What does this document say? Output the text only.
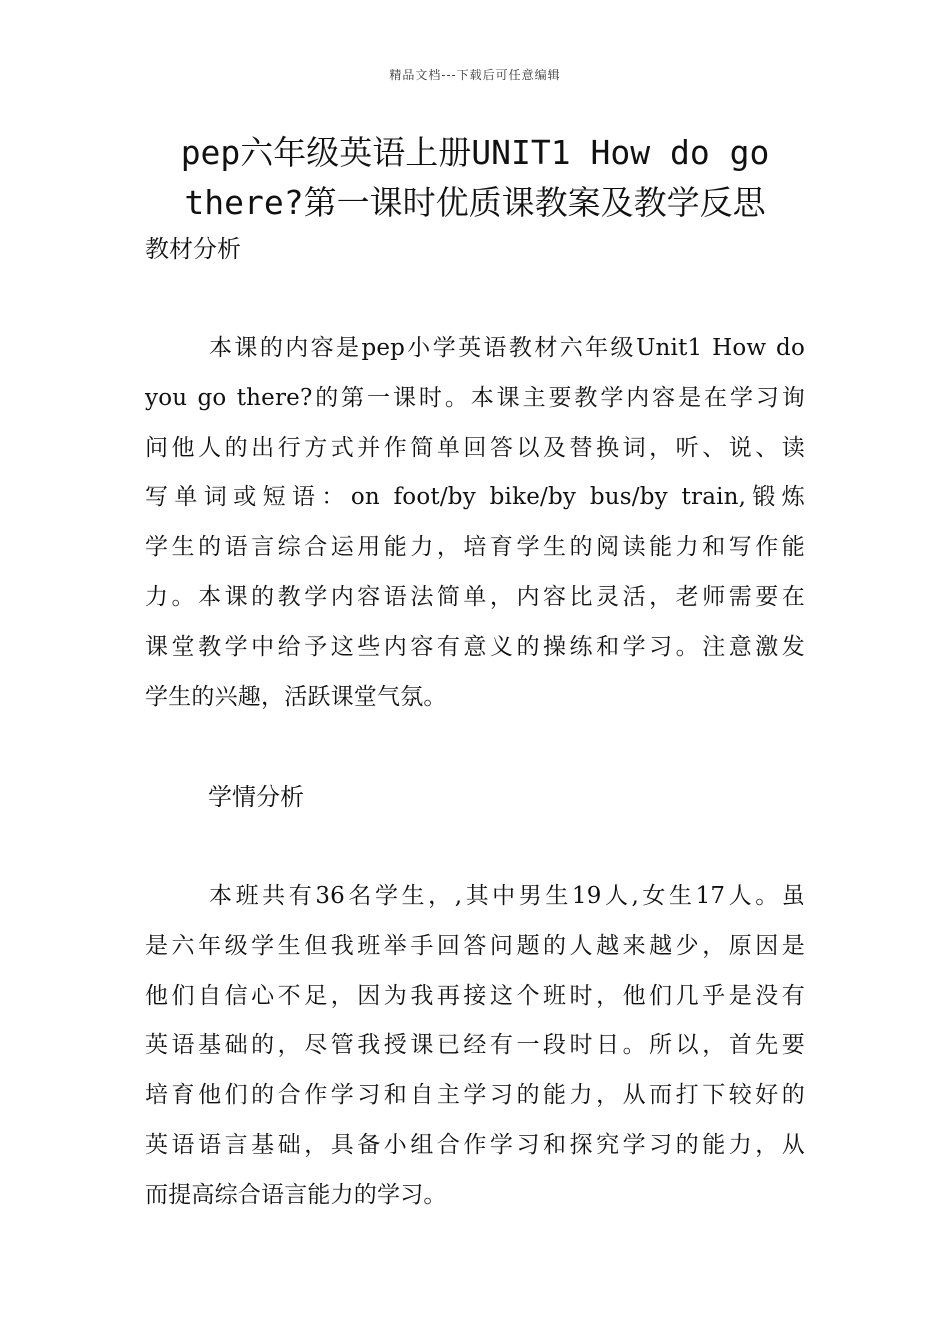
精品文档---下载后可任意编辑
pep六年级英语上册UNIT1 How do go
there?第一课时优质课教案及教学反思
教材分析
本课的内容是pep小学英语教材六年级Unit1 How do
you go there?的第一课时。本课主要教学内容是在学习询
问他人的出行方式并作简单回答以及替换词，听、说、读
写单词或短语：on foot/by bike/by bus/by train,锻炼
学生的语言综合运用能力，培育学生的阅读能力和写作能
力。本课的教学内容语法简单，内容比灵活，老师需要在
课堂教学中给予这些内容有意义的操练和学习。注意激发
学生的兴趣，活跃课堂气氛。
学情分析
本班共有36名学生，,其中男生19人,女生17人。虽
是六年级学生但我班举手回答问题的人越来越少，原因是
他们自信心不足，因为我再接这个班时，他们几乎是没有
英语基础的，尽管我授课已经有一段时日。所以，首先要
培育他们的合作学习和自主学习的能力，从而打下较好的
英语语言基础，具备小组合作学习和探究学习的能力，从
而提高综合语言能力的学习。
